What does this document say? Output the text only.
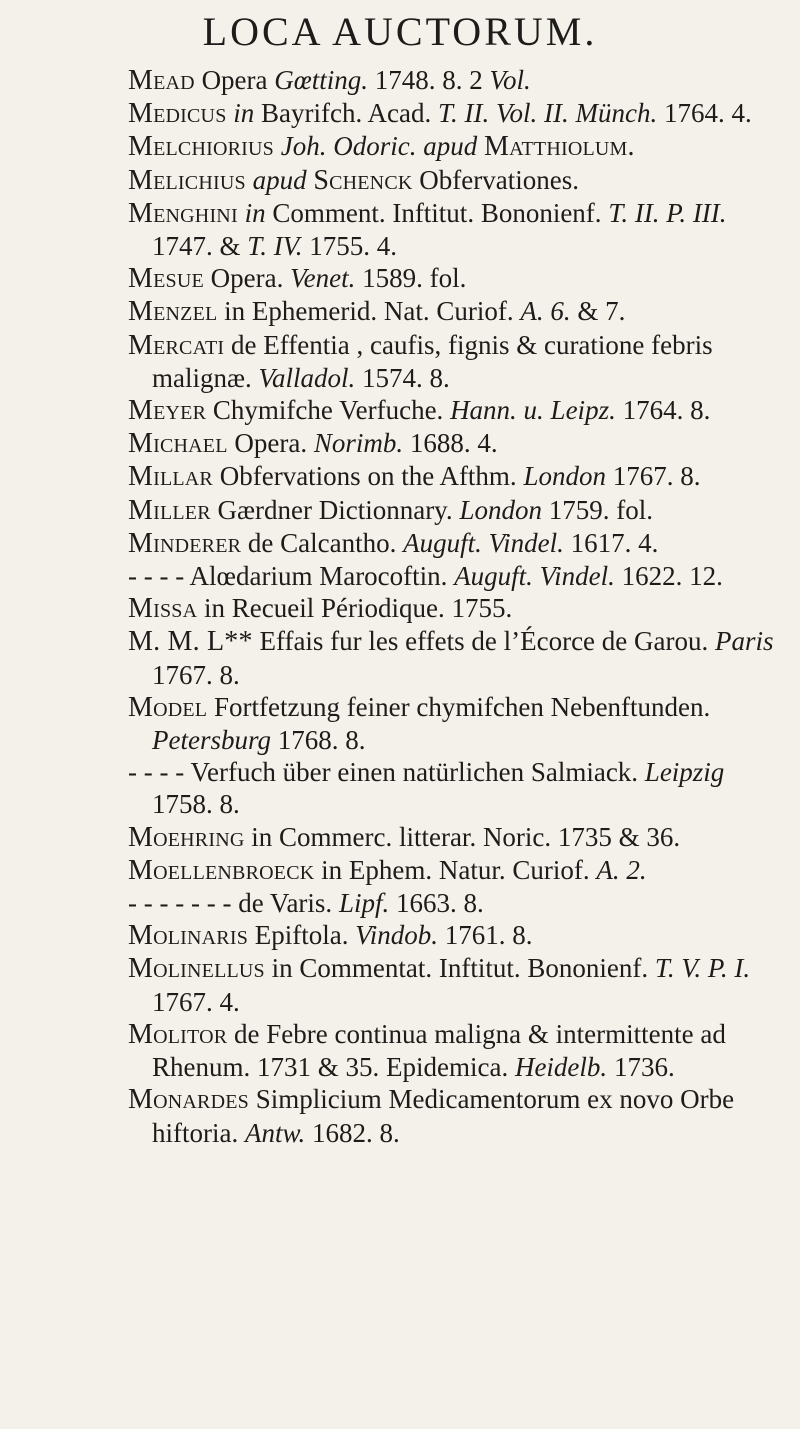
LOCA AUCTORUM.

Mead Opera Gœtting. 1748. 8. 2 Vol.

Medicus in Bayrifch. Acad. T. II. Vol. II. Münch. 1764. 4.

Melchiorius Joh. Odoric. apud Matthiolum.

Melichius apud Schenck Obfervationes.

Menghini in Comment. Inftitut. Bononienf. T. II. P. III. 1747. & T. IV. 1755. 4.

Mesue Opera. Venet. 1589. fol.

Menzel in Ephemerid. Nat. Curiof. A. 6. & 7.

Mercati de Effentia , caufis, fignis & curatione febris malignæ. Valladol. 1574. 8.

Meyer Chymifche Verfuche. Hann. u. Leipz. 1764. 8.

Michael Opera. Norimb. 1688. 4.

Millar Obfervations on the Afthm. London 1767. 8.

Miller Gærdner Dictionnary. London 1759. fol.

Minderer de Calcantho. Auguft. Vindel. 1617. 4.

- - - - Alœdarium Marocoftin. Auguft. Vindel. 1622. 12.

Missa in Recueil Périodique. 1755.

M. M. L** Effais fur les effets de l’Écorce de Garou. Paris 1767. 8.

Model Fortfetzung feiner chymifchen Nebenftunden. Petersburg 1768. 8.

- - - - Verfuch über einen natürlichen Salmiack. Leipzig 1758. 8.

Moehring in Commerc. litterar. Noric. 1735 & 36.

Moellenbroeck in Ephem. Natur. Curiof. A. 2.

- - - - - - - de Varis. Lipf. 1663. 8.

Molinaris Epiftola. Vindob. 1761. 8.

Molinellus in Commentat. Inftitut. Bononienf. T. V. P. I. 1767. 4.

Molitor de Febre continua maligna & intermittente ad Rhenum. 1731 & 35. Epidemica. Heidelb. 1736.

Monardes Simplicium Medicamentorum ex novo Orbe hiftoria. Antw. 1682. 8.
